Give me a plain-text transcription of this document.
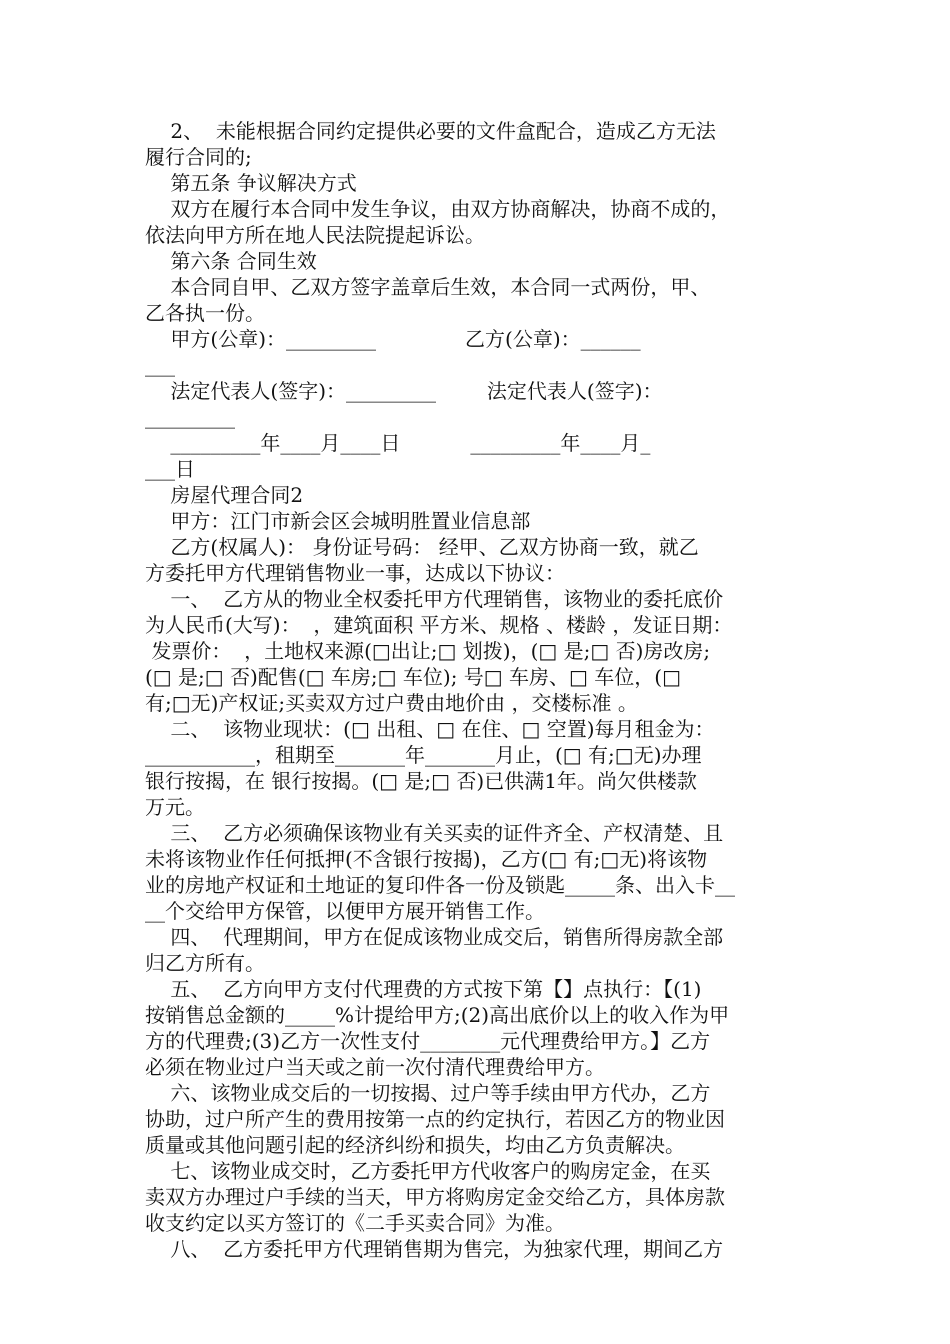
2、  未能根据合同约定提供必要的文件盒配合，造成乙方无法
履行合同的;
第五条 争议解决方式
双方在履行本合同中发生争议，由双方协商解决，协商不成的，
依法向甲方所在地人民法院提起诉讼。
第六条 合同生效
本合同自甲、乙双方签字盖章后生效，本合同一式两份，甲、
乙各执一份。
甲方(公章)：_________              乙方(公章)：______
___
法定代表人(签字)：_________        法定代表人(签字)：
_________
_________年____月____日           _________年____月_
___日
房屋代理合同2
甲方：江门市新会区会城明胜置业信息部
乙方(权属人)： 身份证号码： 经甲、乙双方协商一致，就乙
方委托甲方代理销售物业一事，达成以下协议：
一、  乙方从的物业全权委托甲方代理销售，该物业的委托底价
为人民币(大写)：  ，建筑面积 平方米、规格 、楼龄 ，发证日期：
发票价：  ，土地权来源(□出让;□ 划拨)，(□ 是;□ 否)房改房;
(□ 是;□ 否)配售(□ 车房;□ 车位); 号□ 车房、□ 车位，(□
有;□无)产权证;买卖双方过户费由地价由 ，交楼标准 。
二、  该物业现状：(□ 出租、□ 在住、□ 空置)每月租金为：
___________，租期至_______年_______月止，(□ 有;□无)办理
银行按揭，在 银行按揭。(□ 是;□ 否)已供满1年。尚欠供楼款
万元。
三、  乙方必须确保该物业有关买卖的证件齐全、产权清楚、且
未将该物业作任何抵押(不含银行按揭)，乙方(□ 有;□无)将该物
业的房地产权证和土地证的复印件各一份及锁匙_____条、出入卡__
__个交给甲方保管，以便甲方展开销售工作。
四、  代理期间，甲方在促成该物业成交后，销售所得房款全部
归乙方所有。
五、  乙方向甲方支付代理费的方式按下第【】点执行：【(1)
按销售总金额的_____%计提给甲方;(2)高出底价以上的收入作为甲
方的代理费;(3)乙方一次性支付________元代理费给甲方。】乙方
必须在物业过户当天或之前一次付清代理费给甲方。
六、该物业成交后的一切按揭、过户等手续由甲方代办，乙方
协助，过户所产生的费用按第一点的约定执行，若因乙方的物业因
质量或其他问题引起的经济纠纷和损失，均由乙方负责解决。
七、该物业成交时，乙方委托甲方代收客户的购房定金，在买
卖双方办理过户手续的当天，甲方将购房定金交给乙方，具体房款
收支约定以买方签订的《二手买卖合同》为准。
八、  乙方委托甲方代理销售期为售完，为独家代理，期间乙方
